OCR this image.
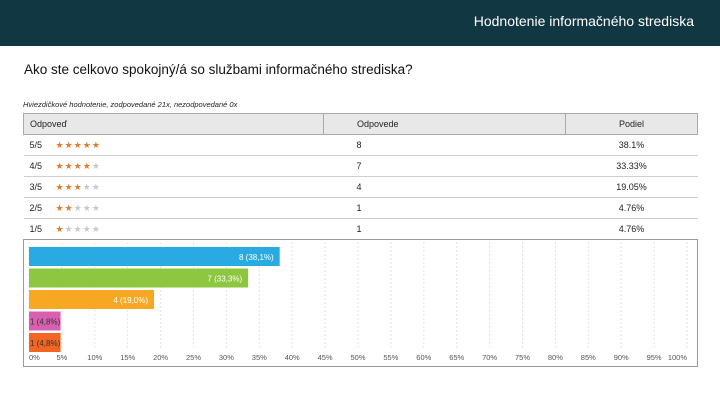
Hodnotenie informačného strediska
Ako ste celkovo spokojný/á so službami informačného strediska?
Hviezdičkové hodnotenie, zodpovedané 21x, nezodpovedané 0x
Odpoveď	Odpovede	Podiel
5/5 ★★★★★	8	38.1%
4/5 ★★★★★	7	33.33%
3/5 ★★★★★	4	19.05%
2/5 ★★★★★	1	4.76%
1/5 ★★★★★	1	4.76%
0% 5%	10% 15% 20% 25% 30% 35% 40% 45% 50% 55% 60% 65% 70% 75% 80% 85% 90% 95% 100%
8 (38,1%)
7 (33,3%)
4 (19,0%)
1 (4,8%)
1 (4,8%)
